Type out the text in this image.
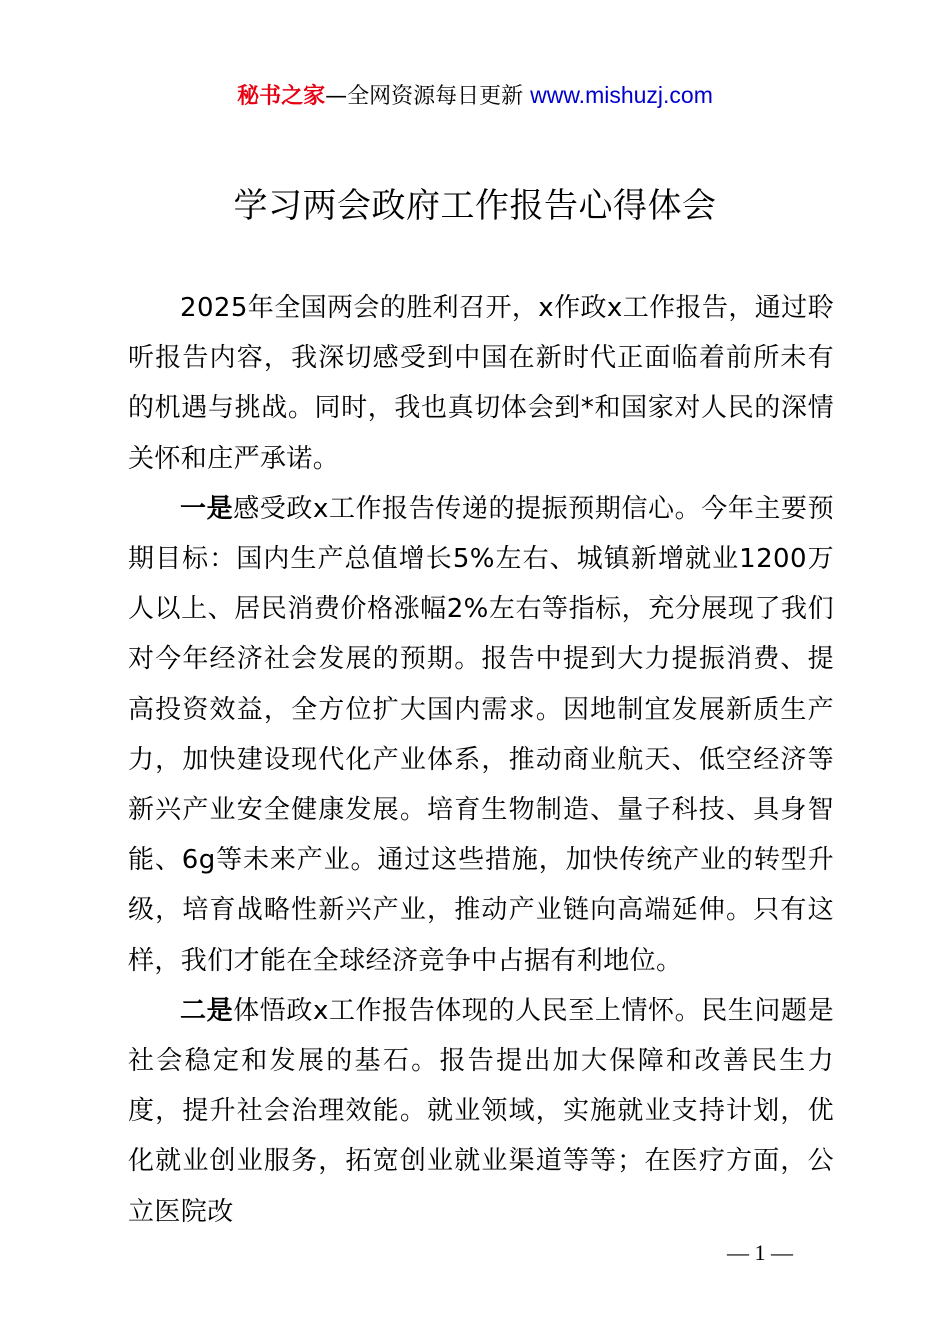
秘书之家—全网资源每日更新 www.mishuzj.com
学习两会政府工作报告心得体会

2025年全国两会的胜利召开，x作政x工作报告，通过聆听报告内容，我深切感受到中国在新时代正面临着前所未有的机遇与挑战。同时，我也真切体会到*和国家对人民的深情关怀和庄严承诺。

一是感受政x工作报告传递的提振预期信心。今年主要预期目标：国内生产总值增长5%左右、城镇新增就业1200万人以上、居民消费价格涨幅2%左右等指标，充分展现了我们对今年经济社会发展的预期。报告中提到大力提振消费、提高投资效益，全方位扩大国内需求。因地制宜发展新质生产力，加快建设现代化产业体系，推动商业航天、低空经济等新兴产业安全健康发展。培育生物制造、量子科技、具身智能、6g等未来产业。通过这些措施，加快传统产业的转型升级，培育战略性新兴产业，推动产业链向高端延伸。只有这样，我们才能在全球经济竞争中占据有利地位。

二是体悟政x工作报告体现的人民至上情怀。民生问题是社会稳定和发展的基石。报告提出加大保障和改善民生力度，提升社会治理效能。就业领域，实施就业支持计划，优化就业创业服务，拓宽创业就业渠道等等；在医疗方面，公立医院改

— 1 —
